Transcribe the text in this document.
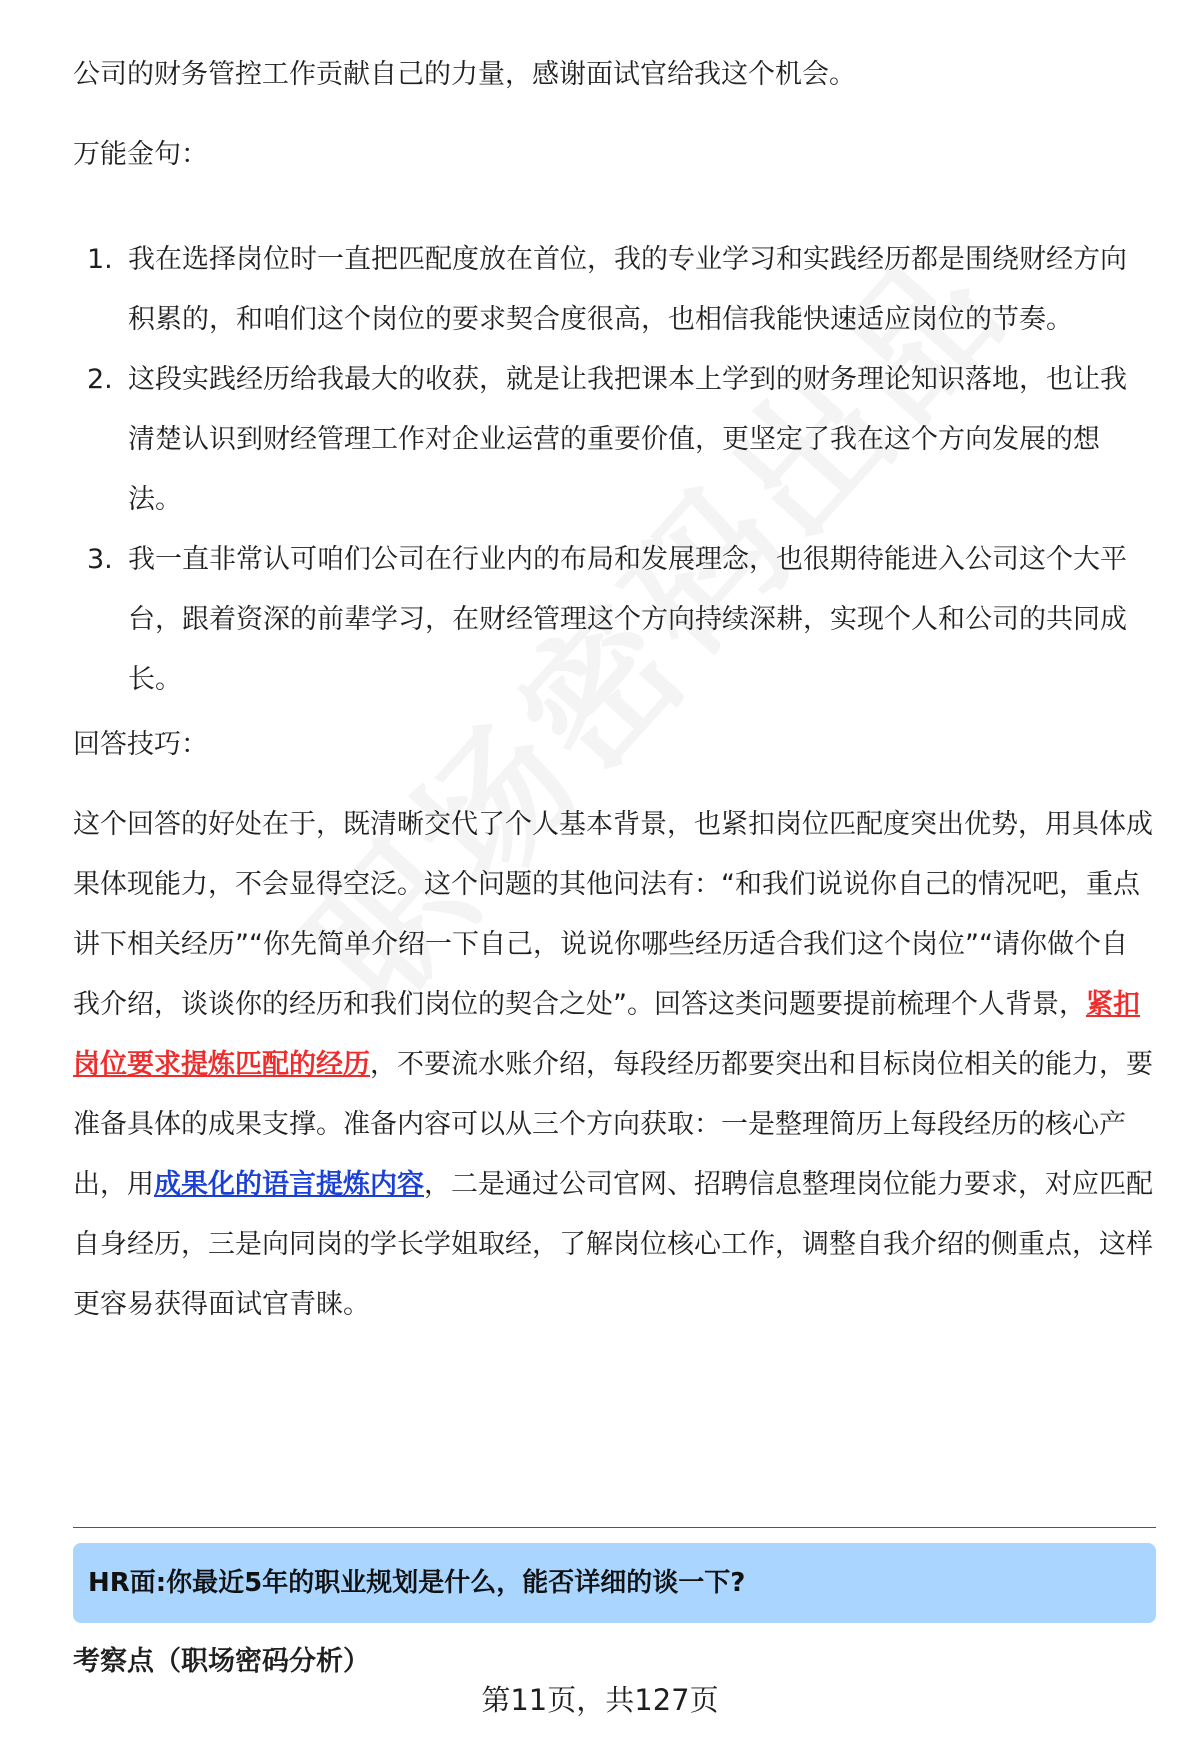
公司的财务管控工作贡献自己的力量，感谢面试官给我这个机会。

万能金句：

1. 我在选择岗位时一直把匹配度放在首位，我的专业学习和实践经历都是围绕财经方向积累的，和咱们这个岗位的要求契合度很高，也相信我能快速适应岗位的节奏。
2. 这段实践经历给我最大的收获，就是让我把课本上学到的财务理论知识落地，也让我清楚认识到财经管理工作对企业运营的重要价值，更坚定了我在这个方向发展的想法。
3. 我一直非常认可咱们公司在行业内的布局和发展理念，也很期待能进入公司这个大平台，跟着资深的前辈学习，在财经管理这个方向持续深耕，实现个人和公司的共同成长。

回答技巧：

这个回答的好处在于，既清晰交代了个人基本背景，也紧扣岗位匹配度突出优势，用具体成果体现能力，不会显得空泛。这个问题的其他问法有：“和我们说说你自己的情况吧，重点讲下相关经历”“你先简单介绍一下自己，说说你哪些经历适合我们这个岗位”“请你做个自我介绍，谈谈你的经历和我们岗位的契合之处”。回答这类问题要提前梳理个人背景，紧扣岗位要求提炼匹配的经历，不要流水账介绍，每段经历都要突出和目标岗位相关的能力，要准备具体的成果支撑。准备内容可以从三个方向获取：一是整理简历上每段经历的核心产出，用成果化的语言提炼内容，二是通过公司官网、招聘信息整理岗位能力要求，对应匹配自身经历，三是向同岗的学长学姐取经，了解岗位核心工作，调整自我介绍的侧重点，这样更容易获得面试官青睐。

HR面:你最近5年的职业规划是什么，能否详细的谈一下?
考察点（职场密码分析）
第11页，共127页
